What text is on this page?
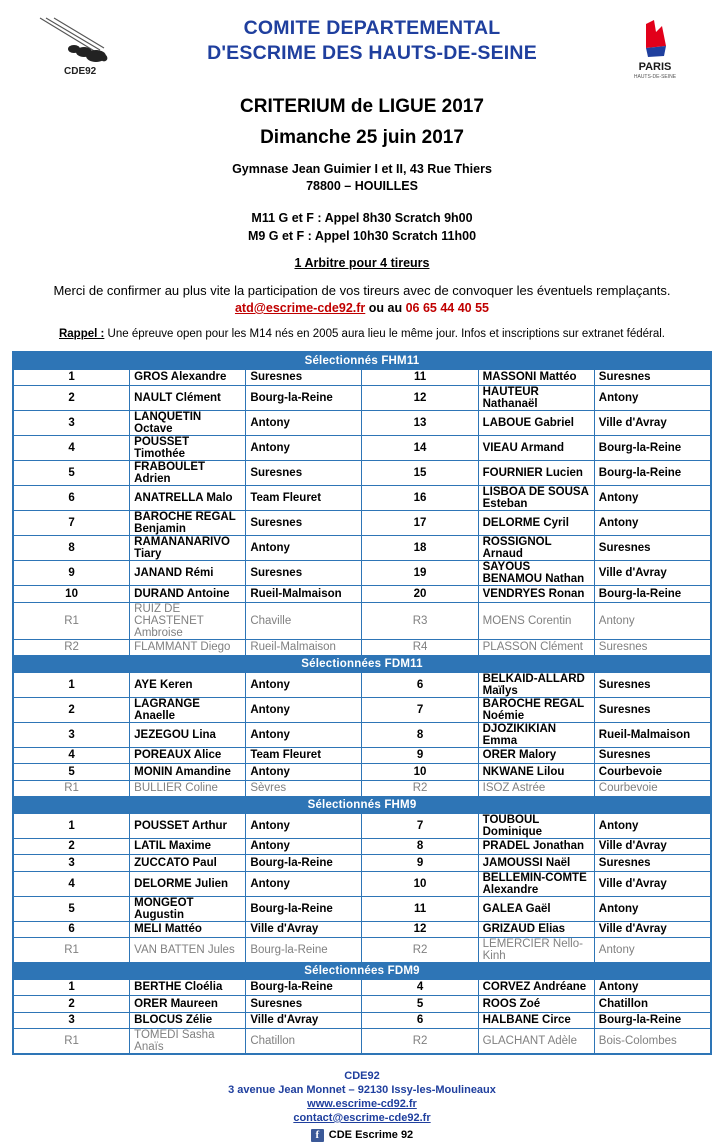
CDE92
COMITE DEPARTEMENTAL
D'ESCRIME DES HAUTS-DE-SEINE
PARIS
HAUTS-DE-SEINE
CRITERIUM de LIGUE 2017
Dimanche 25 juin 2017
Gymnase Jean Guimier I et II, 43 Rue Thiers
78800 – HOUILLES
M11 G et F : Appel 8h30 Scratch 9h00
M9 G et F : Appel 10h30 Scratch 11h00
1 Arbitre pour 4 tireurs
Merci de confirmer au plus vite la participation de vos tireurs avec de convoquer les éventuels remplaçants.
atd@escrime-cde92.fr ou au 06 65 44 40 55
Rappel : Une épreuve open pour les M14 nés en 2005 aura lieu le même jour. Infos et inscriptions sur extranet fédéral.
Sélectionnés FHM11					
1	GROS Alexandre	Suresnes	11	MASSONI Mattéo	Suresnes
2	NAULT Clément	Bourg-la-Reine	12	HAUTEUR Nathanaël	Antony
3	LANQUETIN Octave	Antony	13	LABOUE Gabriel	Ville d'Avray
4	POUSSET Timothée	Antony	14	VIEAU Armand	Bourg-la-Reine
5	FRABOULET Adrien	Suresnes	15	FOURNIER Lucien	Bourg-la-Reine
6	ANATRELLA Malo	Team Fleuret	16	LISBOA DE SOUSA Esteban	Antony
7	BAROCHE REGAL Benjamin	Suresnes	17	DELORME Cyril	Antony
8	RAMANANARIVO Tiary	Antony	18	ROSSIGNOL Arnaud	Suresnes
9	JANAND Rémi	Suresnes	19	SAYOUS BENAMOU Nathan	Ville d'Avray
10	DURAND Antoine	Rueil-Malmaison	20	VENDRYES Ronan	Bourg-la-Reine
R1	RUIZ DE CHASTENET Ambroise	Chaville	R3	MOENS Corentin	Antony
R2	FLAMMANT Diego	Rueil-Malmaison	R4	PLASSON Clément	Suresnes
Sélectionnées FDM11					
1	AYE Keren	Antony	6	BELKAID-ALLARD Maïlys	Suresnes
2	LAGRANGE Anaelle	Antony	7	BAROCHE REGAL Noémie	Suresnes
3	JEZEGOU Lina	Antony	8	DJOZIKIKIAN Emma	Rueil-Malmaison
4	POREAUX Alice	Team Fleuret	9	ORER Malory	Suresnes
5	MONIN Amandine	Antony	10	NKWANE Lilou	Courbevoie
R1	BULLIER Coline	Sèvres	R2	ISOZ Astrée	Courbevoie
Sélectionnés FHM9					
1	POUSSET Arthur	Antony	7	TOUBOUL Dominique	Antony
2	LATIL Maxime	Antony	8	PRADEL Jonathan	Ville d'Avray
3	ZUCCATO Paul	Bourg-la-Reine	9	JAMOUSSI Naël	Suresnes
4	DELORME Julien	Antony	10	BELLEMIN-COMTE Alexandre	Ville d'Avray
5	MONGEOT Augustin	Bourg-la-Reine	11	GALEA Gaël	Antony
6	MELI Mattéo	Ville d'Avray	12	GRIZAUD Elias	Ville d'Avray
R1	VAN BATTEN Jules	Bourg-la-Reine	R2	LEMERCIER Nello-Kinh	Antony
Sélectionnées FDM9					
1	BERTHE Cloélia	Bourg-la-Reine	4	CORVEZ Andréane	Antony
2	ORER Maureen	Suresnes	5	ROOS Zoé	Chatillon
3	BLOCUS Zélie	Ville d'Avray	6	HALBANE Circe	Bourg-la-Reine
R1	TOMEDI Sasha Anaïs	Chatillon	R2	GLACHANT Adèle	Bois-Colombes
CDE92
3 avenue Jean Monnet – 92130 Issy-les-Moulineaux
www.escrime-cd92.fr
contact@escrime-cde92.fr
f CDE Escrime 92
